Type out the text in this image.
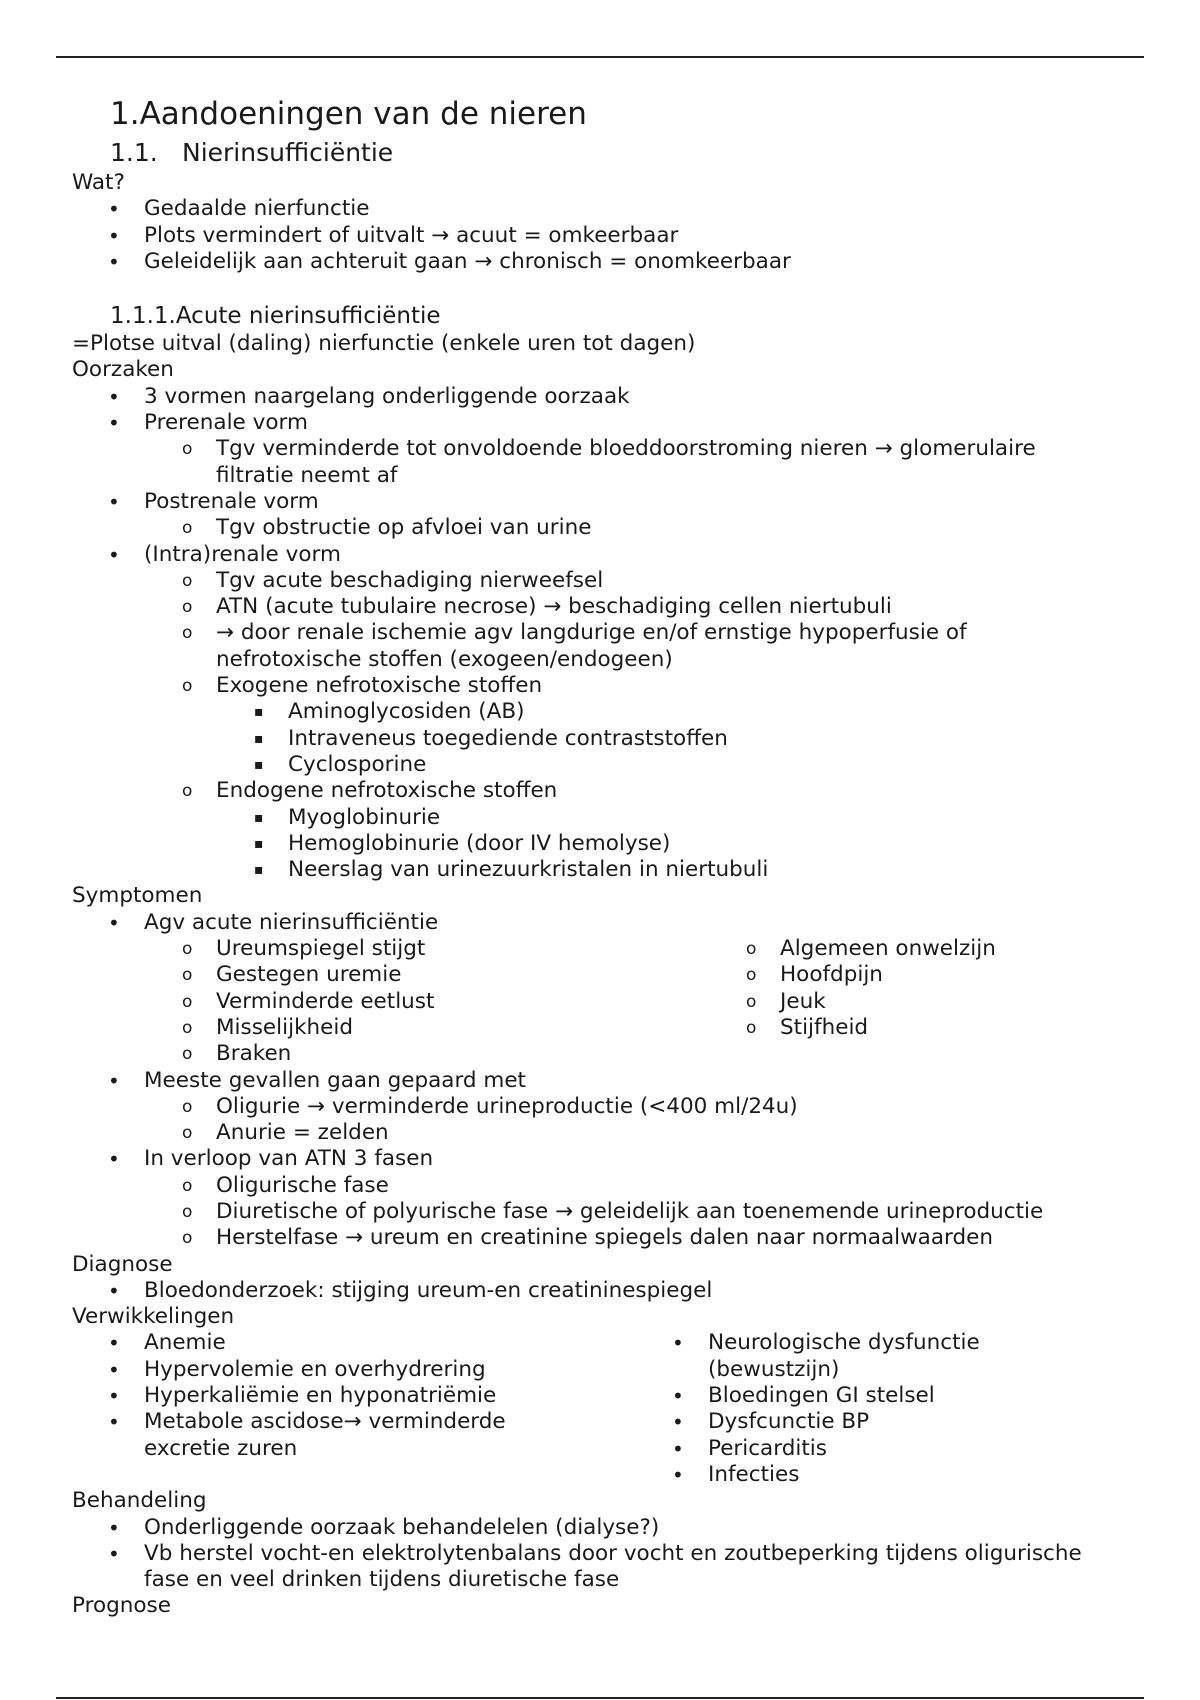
1.Aandoeningen van de nieren
1.1. Nierinsufficiëntie
Wat?
• Gedaalde nierfunctie
• Plots vermindert of uitvalt → acuut = omkeerbaar
• Geleidelijk aan achteruit gaan → chronisch = onomkeerbaar
1.1.1.Acute nierinsufficiëntie
=Plotse uitval (daling) nierfunctie (enkele uren tot dagen)
Oorzaken
• 3 vormen naargelang onderliggende oorzaak
• Prerenale vorm
o Tgv verminderde tot onvoldoende bloeddoorstroming nieren → glomerulaire
filtratie neemt af
• Postrenale vorm
o Tgv obstructie op afvloei van urine
• (Intra)renale vorm
o Tgv acute beschadiging nierweefsel
o ATN (acute tubulaire necrose) → beschadiging cellen niertubuli
o → door renale ischemie agv langdurige en/of ernstige hypoperfusie of
nefrotoxische stoffen (exogeen/endogeen)
o Exogene nefrotoxische stoffen
▪ Aminoglycosiden (AB)
▪ Intraveneus toegediende contraststoffen
▪ Cyclosporine
o Endogene nefrotoxische stoffen
▪ Myoglobinurie
▪ Hemoglobinurie (door IV hemolyse)
▪ Neerslag van urinezuurkristalen in niertubuli
Symptomen
• Agv acute nierinsufficiëntie
o Ureumspiegel stijgt
o Gestegen uremie
o Verminderde eetlust
o Misselijkheid
o Braken
o Algemeen onwelzijn
o Hoofdpijn
o Jeuk
o Stijfheid
• Meeste gevallen gaan gepaard met
o Oligurie → verminderde urineproductie (<400 ml/24u)
o Anurie = zelden
• In verloop van ATN 3 fasen
o Oligurische fase
o Diuretische of polyurische fase → geleidelijk aan toenemende urineproductie
o Herstelfase → ureum en creatinine spiegels dalen naar normaalwaarden
Diagnose
• Bloedonderzoek: stijging ureum-en creatininespiegel
Verwikkelingen
• Anemie
• Hypervolemie en overhydrering
• Hyperkaliëmie en hyponatriëmie
• Metabole ascidose→ verminderde
excretie zuren
• Neurologische dysfunctie
(bewustzijn)
• Bloedingen GI stelsel
• Dysfcunctie BP
• Pericarditis
• Infecties
Behandeling
• Onderliggende oorzaak behandelelen (dialyse?)
• Vb herstel vocht-en elektrolytenbalans door vocht en zoutbeperking tijdens oligurische
fase en veel drinken tijdens diuretische fase
Prognose
